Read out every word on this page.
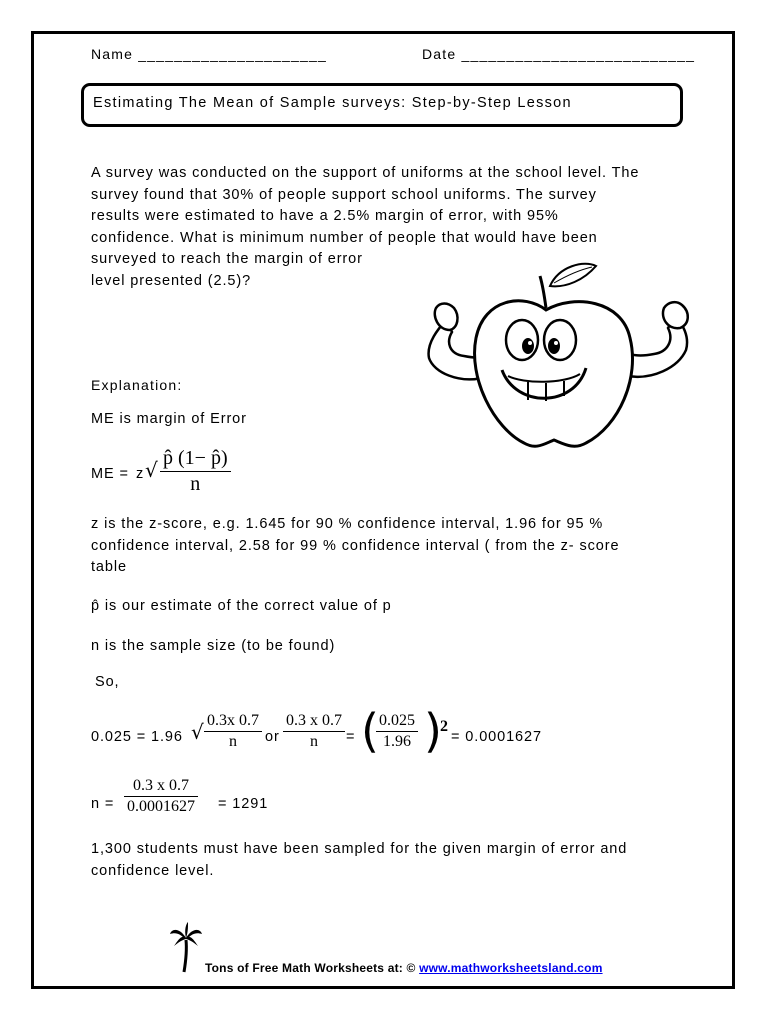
Name _____________________	Date __________________________
Estimating The Mean of Sample surveys: Step-by-Step Lesson
A survey was conducted on the support of uniforms at the school level. The
survey found that 30% of people support school uniforms. The survey
results were estimated to have a 2.5% margin of error, with 95%
confidence. What is minimum number of people that would have been
surveyed to reach the margin of error
level presented (2.5)?
Explanation:
ME is margin of Error
ME = z √ p̂ (1− p̂)
n
z is the z-score, e.g. 1.645 for 90 % confidence interval, 1.96 for 95 %
confidence interval, 2.58 for 99 % confidence interval ( from the z- score
table
p̂ is our estimate of the correct value of p
n is the sample size (to be found)
So,
0.025 = 1.96 √ 0.3x 0.7
n or
0.3 x 0.7
n = ( 0.025
1.96 )
2
= 0.0001627
n =
0.3 x 0.7
0.0001627 = 1291
1,300 students must have been sampled for the given margin of error and
confidence level.
Tons of Free Math Worksheets at: © www.mathworksheetsland.com
